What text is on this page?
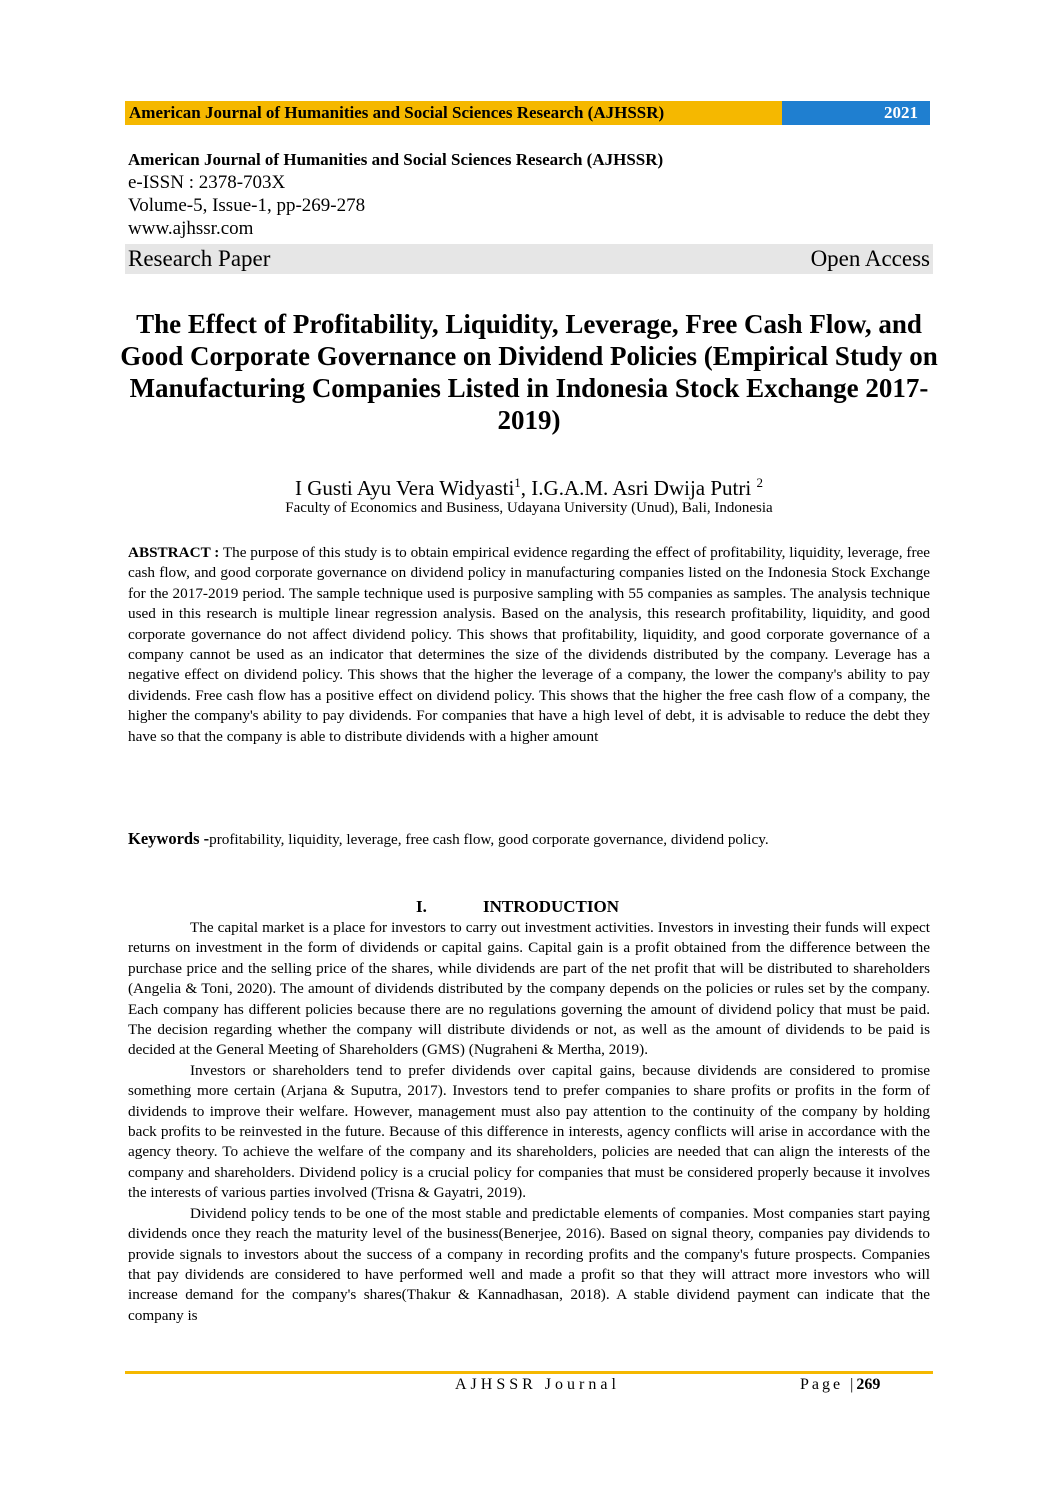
American Journal of Humanities and Social Sciences Research (AJHSSR)	2021
American Journal of Humanities and Social Sciences Research (AJHSSR)
e-ISSN : 2378-703X
Volume-5, Issue-1, pp-269-278
www.ajhssr.com
Research Paper	Open Access
The Effect of Profitability, Liquidity, Leverage, Free Cash Flow, and Good Corporate Governance on Dividend Policies (Empirical Study on Manufacturing Companies Listed in Indonesia Stock Exchange 2017-2019)
I Gusti Ayu Vera Widyasti$^1$, I.G.A.M. Asri Dwija Putri $^2$
Faculty of Economics and Business, Udayana University (Unud), Bali, Indonesia
ABSTRACT : The purpose of this study is to obtain empirical evidence regarding the effect of profitability, liquidity, leverage, free cash flow, and good corporate governance on dividend policy in manufacturing companies listed on the Indonesia Stock Exchange for the 2017-2019 period. The sample technique used is purposive sampling with 55 companies as samples. The analysis technique used in this research is multiple linear regression analysis. Based on the analysis, this research profitability, liquidity, and good corporate governance do not affect dividend policy. This shows that profitability, liquidity, and good corporate governance of a company cannot be used as an indicator that determines the size of the dividends distributed by the company. Leverage has a negative effect on dividend policy. This shows that the higher the leverage of a company, the lower the company's ability to pay dividends. Free cash flow has a positive effect on dividend policy. This shows that the higher the free cash flow of a company, the higher the company's ability to pay dividends. For companies that have a high level of debt, it is advisable to reduce the debt they have so that the company is able to distribute dividends with a higher amount
Keywords -profitability, liquidity, leverage, free cash flow, good corporate governance, dividend policy.
I.	INTRODUCTION

The capital market is a place for investors to carry out investment activities. Investors in investing their funds will expect returns on investment in the form of dividends or capital gains. Capital gain is a profit obtained from the difference between the purchase price and the selling price of the shares, while dividends are part of the net profit that will be distributed to shareholders (Angelia & Toni, 2020). The amount of dividends distributed by the company depends on the policies or rules set by the company. Each company has different policies because there are no regulations governing the amount of dividend policy that must be paid. The decision regarding whether the company will distribute dividends or not, as well as the amount of dividends to be paid is decided at the General Meeting of Shareholders (GMS) (Nugraheni & Mertha, 2019).

Investors or shareholders tend to prefer dividends over capital gains, because dividends are considered to promise something more certain (Arjana & Suputra, 2017). Investors tend to prefer companies to share profits or profits in the form of dividends to improve their welfare. However, management must also pay attention to the continuity of the company by holding back profits to be reinvested in the future. Because of this difference in interests, agency conflicts will arise in accordance with the agency theory. To achieve the welfare of the company and its shareholders, policies are needed that can align the interests of the company and shareholders. Dividend policy is a crucial policy for companies that must be considered properly because it involves the interests of various parties involved (Trisna & Gayatri, 2019).

Dividend policy tends to be one of the most stable and predictable elements of companies. Most companies start paying dividends once they reach the maturity level of the business(Benerjee, 2016). Based on signal theory, companies pay dividends to provide signals to investors about the success of a company in recording profits and the company's future prospects. Companies that pay dividends are considered to have performed well and made a profit so that they will attract more investors who will increase demand for the company's shares(Thakur & Kannadhasan, 2018). A stable dividend payment can indicate that the company is

AJHSSR Journal	Page |269
